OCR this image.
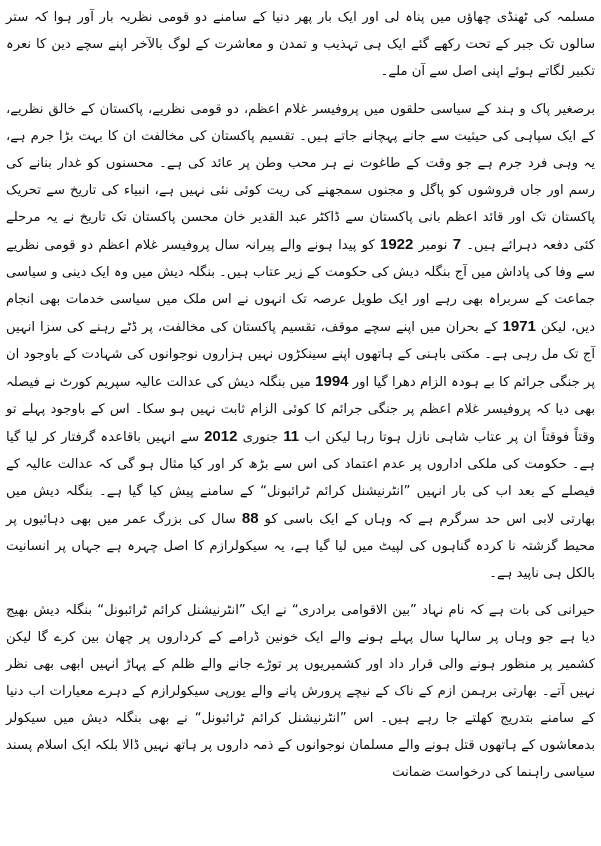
مسلمہ کی ٹھنڈی چھاؤں میں پناہ لی اور ایک بار پھر دنیا کے سامنے دو قومی نظریہ بار آور ہوا کہ ستر سالوں تک جبر کے تحت رکھے گئے ایک ہی تہذیب و تمدن و معاشرت کے لوگ بالآخر اپنے سچے دین کا نعرہ تکبیر لگاتے ہوئے اپنی اصل سے آن ملے۔

برصغیر پاک و ہند کے سیاسی حلقوں میں پروفیسر غلام اعظم، دو قومی نظریے، پاکستان کے خالق نظریے، کے ایک سپاہی کی حیثیت سے جانے پہچانے جاتے ہیں۔ تقسیم پاکستان کی مخالفت ان کا بہت بڑا جرم ہے، یہ وہی فرد جرم ہے جو وقت کے طاغوت نے ہر محب وطن پر عائد کی ہے۔ محسنوں کو غدار بنانے کی رسم اور جاں فروشوں کو پاگل و مجنوں سمجھنے کی ریت کوئی نئی نہیں ہے، انبیاء کی تاریخ سے تحریک پاکستان تک اور قائد اعظم بانی پاکستان سے ڈاکٹر عبد القدیر خان محسن پاکستان تک تاریخ نے یہ مرحلے کئی دفعہ دہرائے ہیں۔ 7 نومبر 1922 کو پیدا ہونے والے پیرانہ سال پروفیسر غلام اعظم دو قومی نظریے سے وفا کی پاداش میں آج بنگلہ دیش کی حکومت کے زیر عتاب ہیں۔ بنگلہ دیش میں وہ ایک دینی و سیاسی جماعت کے سربراہ بھی رہے اور ایک طویل عرصہ تک انہوں نے اس ملک میں سیاسی خدمات بھی انجام دیں، لیکن 1971 کے بحران میں اپنے سچے موقف، تقسیم پاکستان کی مخالفت، پر ڈٹے رہنے کی سزا انہیں آج تک مل رہی ہے۔ مکتی باہنی کے ہاتھوں اپنے سینکڑوں نہیں ہزاروں نوجوانوں کی شہادت کے باوجود ان پر جنگی جرائم کا بے ہودہ الزام دھرا گیا اور 1994 میں بنگلہ دیش کی عدالت عالیہ سپریم کورٹ نے فیصلہ بھی دیا کہ پروفیسر غلام اعظم پر جنگی جرائم کا کوئی الزام ثابت نہیں ہو سکا۔ اس کے باوجود پہلے تو وقتاً فوقتاً ان پر عتاب شاہی نازل ہوتا رہا لیکن اب 11 جنوری 2012 سے انہیں باقاعدہ گرفتار کر لیا گیا ہے۔ حکومت کی ملکی اداروں پر عدم اعتماد کی اس سے بڑھ کر اور کیا مثال ہو گی کہ عدالت عالیہ کے فیصلے کے بعد اب کی بار انہیں ”انٹرنیشنل کرائم ٹرائبونل“ کے سامنے پیش کیا گیا ہے۔ بنگلہ دیش میں بھارتی لابی اس حد سرگرم ہے کہ وہاں کے ایک باسی کو 88 سال کی بزرگ عمر میں بھی دہائیوں پر محیط گزشتہ نا کردہ گناہوں کی لپیٹ میں لیا گیا ہے، یہ سیکولرازم کا اصل چہرہ ہے جہاں پر انسانیت بالکل ہی ناپید ہے۔

حیرانی کی بات ہے کہ نام نہاد ”بین الاقوامی برادری“ نے ایک ”انٹرنیشنل کرائم ٹرائبونل“ بنگلہ دیش بھیج دیا ہے جو وہاں پر سالہا سال پہلے ہونے والے ایک خونین ڈرامے کے کرداروں پر چھان بین کرے گا لیکن کشمیر پر منظور ہونے والی قرار داد اور کشمیریوں پر توڑے جانے والے ظلم کے پہاڑ انہیں ابھی بھی نظر نہیں آتے۔ بھارتی برہمن ازم کے ناک کے نیچے پرورش پانے والے یورپی سیکولرازم کے دہرے معیارات اب دنیا کے سامنے بتدریج کھلتے جا رہے ہیں۔ اس ”انٹرنیشنل کرائم ٹرائبونل“ نے بھی بنگلہ دیش میں سیکولر بدمعاشوں کے ہاتھوں قتل ہونے والے مسلمان نوجوانوں کے ذمہ داروں پر ہاتھ نہیں ڈالا بلکہ ایک اسلام پسند سیاسی راہنما کی درخواست ضمانت
